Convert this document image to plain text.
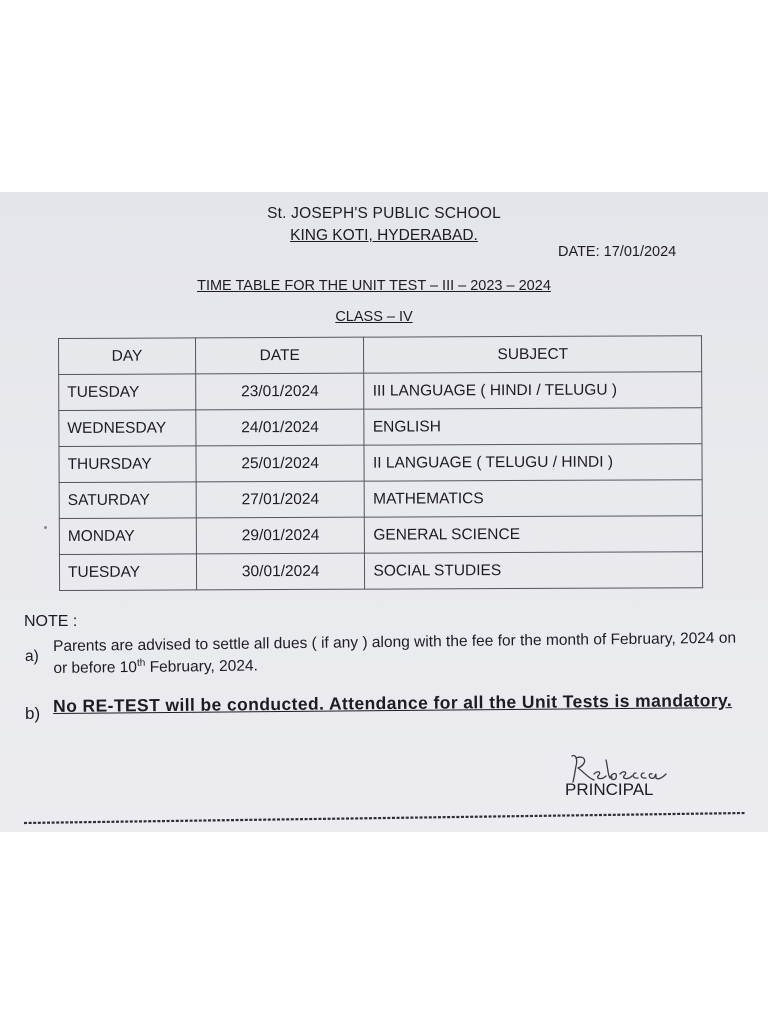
St. JOSEPH'S PUBLIC SCHOOL
KING KOTI, HYDERABAD.
DATE: 17/01/2024
TIME TABLE FOR THE UNIT TEST – III – 2023 – 2024
CLASS – IV
DAY	DATE	SUBJECT
TUESDAY	23/01/2024	III LANGUAGE ( HINDI / TELUGU )
WEDNESDAY	24/01/2024	ENGLISH
THURSDAY	25/01/2024	II LANGUAGE ( TELUGU / HINDI )
SATURDAY	27/01/2024	MATHEMATICS
MONDAY	29/01/2024	GENERAL SCIENCE
TUESDAY	30/01/2024	SOCIAL STUDIES
NOTE :
a)
Parents are advised to settle all dues ( if any ) along with the fee for the month of February, 2024 on or before 10th February, 2024.
b) No RE-TEST will be conducted. Attendance for all the Unit Tests is mandatory.
PRINCIPAL
